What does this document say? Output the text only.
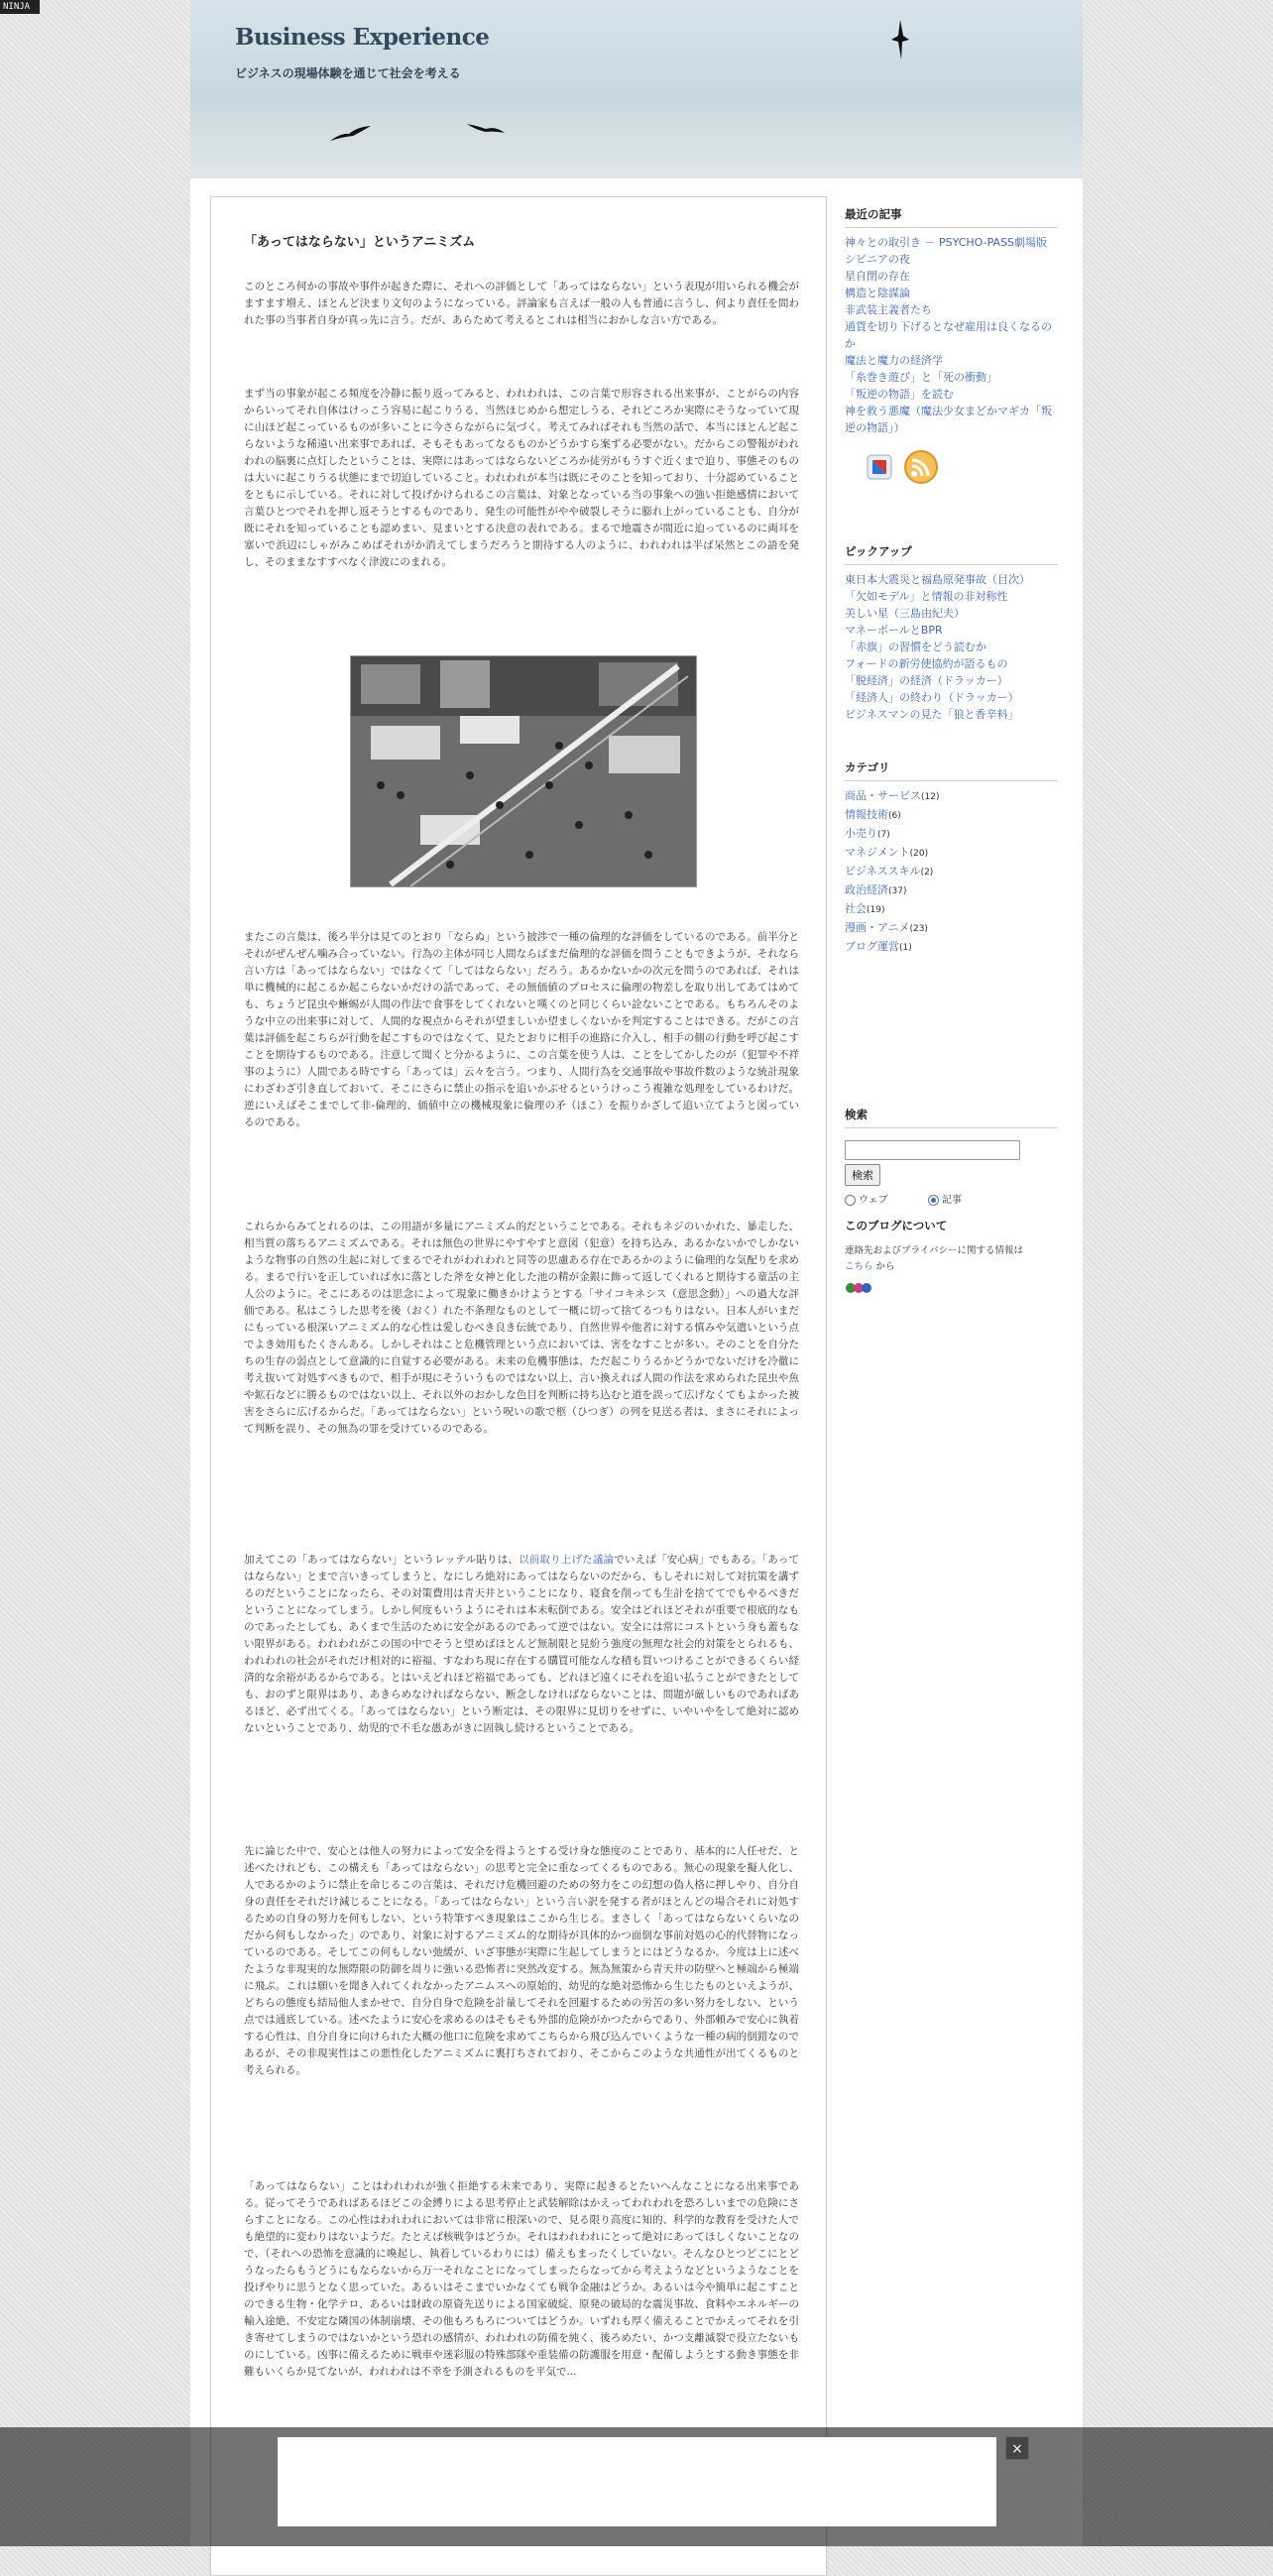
NINJA
Business Experience

ビジネスの現場体験を通じて社会を考える

「あってはならない」というアニミズム

このところ何かの事故や事件が起きた際に、それへの評価として「あってはならない」という表現が用いられる機会がますます増え、ほとんど決まり文句のようになっている。評論家も言えば一般の人も普通に言うし、何より責任を問われた事の当事者自身が真っ先に言う。だが、あらためて考えるとこれは相当におかしな言い方である。

まず当の事象が起こる頻度を冷静に振り返ってみると、われわれは、この言葉で形容される出来事が、ことがらの内容からいってそれ自体はけっこう容易に起こりうる、当然ほじめから想定しうる、それどころか実際にそうなっていて現に山ほど起こっているものが多いことに今さらながらに気づく。考えてみればそれも当然の話で、本当にほとんど起こらないような稀遠い出来事であれば、そもそもあってなるものかどうかすら案ずる必要がない。だからこの警報がわれわれの脳裏に点灯したということは、実際にはあってはならないどころか徒労がもうすぐ近くまで迫り、事態そのものは大いに起こりうる状態にまで切迫していること。われわれが本当は既にそのことを知っており、十分認めていることをともに示している。それに対して投げかけられるこの言葉は、対象となっている当の事象への強い拒絶感情において言葉ひとつでそれを押し返そうとするものであり、発生の可能性がやや破裂しそうに膨れ上がっていることも、自分が既にそれを知っていることも認めまい、見まいとする決意の表れである。まるで地震さが間近に迫っているのに両耳を塞いで浜辺にしゃがみこめばそれがか消えてしまうだろうと期待する人のように、われわれは半ば呆然とこの語を発し、そのままなすすべなく津波にのまれる。

またこの言葉は、後ろ半分は見てのとおり「ならぬ」という披渉で一種の倫理的な評価をしているのである。前半分とそれがぜんぜん噛み合っていない。行為の主体が同じ人間ならばまだ倫理的な評価を問うこともできようが、それなら言い方は「あってはならない」ではなくて「してはならない」だろう。あるかないかの次元を問うのであれば、それは単に機械的に起こるか起こらないかだけの話であって、その無価値のプロセスに倫理の物差しを取り出してあてはめても、ちょうど昆虫や蜥蜴が人間の作法で食事をしてくれないと嘆くのと同じくらい詮ないことである。もちろんそのような中立の出来事に対して、人間的な視点からそれが望ましいか望ましくないかを判定することはできる。だがこの言葉は評価を起こちらが行動を起こすものではなくて、見たとおりに相手の進路に介入し、相手の側の行動を呼び起こすことを期待するものである。注意して聞くと分かるように、この言葉を使う人は、ことをしてかしたのが（犯罪や不祥事のように）人間である時ですら「あっては」云々を言う。つまり、人間行為を交通事故や事故件数のような統計現象にわざわざ引き直しておいて、そこにさらに禁止の指示を追いかぶせるというけっこう複雑な処理をしているわけだ。逆にいえばそこまでして非-倫理的、価値中立の機械現象に倫理の矛（ほこ）を振りかざして追い立てようと図っているのである。

これらからみてとれるのは、この用語が多量にアニミズム的だということである。それもネジのいかれた、暴走した、相当質の落ちるアニミズムである。それは無色の世界にやすやすと意図（犯意）を持ち込み、あるかないかでしかないような物事の自然の生起に対してまるでそれがわれわれと同等の思慮ある存在であるかのように倫理的な気配りを求める。まるで行いを正していれば水に落とした斧を女神と化した池の精が金銀に飾って返してくれると期待する童話の主人公のように。そこにあるのは思念によって現象に働きかけようとする「サイコキネシス（意思念動）」への過大な評価である。私はこうした思考を後（おく）れた不条理なものとして一概に切って捨てるつもりはない。日本人がいまだにもっている根深いアニミズム的な心性は愛しむべき良き伝統であり、自然世界や他者に対する慎みや気遣いという点でよき効用もたくさんある。しかしそれはこと危機管理という点においては、害をなすことが多い。そのことを自分たちの生存の弱点として意識的に自覚する必要がある。未来の危機事態は、ただ起こりうるかどうかでないだけを冷徹に考え抜いて対処すべきもので、相手が現にそういうものではない以上、言い換えれば人間の作法を求められた昆虫や魚や鉱石などに勝るものではない以上、それ以外のおかしな色目を判断に持ち込むと道を誤って広げなくてもよかった被害をさらに広げるからだ。「あってはならない」という呪いの歌で柩（ひつぎ）の列を見送る者は、まさにそれによって判断を誤り、その無為の罪を受けているのである。

加えてこの「あってはならない」というレッテル貼りは、以前取り上げた議論でいえば「安心病」でもある。「あってはならない」とまで言いきってしまうと、なにしろ絶対にあってはならないのだから、もしそれに対して対抗策を講ずるのだということになったら、その対策費用は青天井ということになり、寝食を削っても生計を捨ててでもやるべきだということになってしまう。しかし何度もいうようにそれは本末転倒である。安全はどれほどそれが重要で根底的なものであったとしても、あくまで生活のために安全があるのであって逆ではない。安全には常にコストという身も蓋もない限界がある。われわれがこの国の中でそうと望めばほとんど無制限と見紛う強度の無理な社会的対策をとられるも、われわれの社会がそれだけ相対的に裕福、すなわち現に存在する購買可能なんな積も買いつけることができるくらい経済的な余裕があるからである。とはいえどれほど裕福であっても、どれほど遠くにそれを追い払うことができたとしても、おのずと限界はあり、あきらめなければならない、断念しなければならないことは、問題が厳しいものであればあるほど、必ず出てくる。「あってはならない」という断定は、その限界に見切りをせずに、いやいやをして絶対に認めないということであり、幼児的で不毛な愚あがきに固執し続けるということである。

先に論じた中で、安心とは他人の努力によって安全を得ようとする受け身な態度のことであり、基本的に人任せだ、と述べたけれども、この構えも「あってはならない」の思考と完全に重なってくるものである。無心の現象を擬人化し、人であるかのように禁止を命じるこの言葉は、それだけ危機回避のための努力をこの幻想の偽人格に押しやり、自分自身の責任をそれだけ減じることになる。「あってはならない」という言い訳を発する者がほとんどの場合それに対処するための自身の努力を何もしない、という特筆すべき現象はここから生じる。まさしく「あってはならないくらいなのだから何もしなかった」のであり、対象に対するアニミズム的な期待が具体的かつ面倒な事前対処の心的代替物になっているのである。そしてこの何もしない弛緩が、いざ事態が実際に生起してしまうとにはどうなるか。今度は上に述べたような非現実的な無際限の防御を周りに強いる恐怖者に突然改変する。無為無策から青天井の防壁へと極端から極端に飛ぶ。これは願いを聞き入れてくれなかったアニムスへの原始的、幼児的な絶対恐怖から生じたものといえようが、どちらの態度も結局他人まかせで、自分自身で危険を計量してそれを回避するための労苦の多い努力をしない、という点では通底している。述べたように安心を求めるのはそもそも外部的危険がかつたからであり、外部頼みで安心に執着する心性は、自分自身に向けられた大概の他口に危険を求めてこちらから飛び込んでいくような一種の病的倒錯なのであるが、その非現実性はこの悪性化したアニミズムに裏打ちされており、そこからこのような共通性が出てくるものと考えられる。

「あってはならない」ことはわれわれが強く拒絶する未来であり、実際に起きるとたいへんなことになる出来事である。従ってそうであればあるほどこの金縛りによる思考停止と武装解除はかえってわれわれを恐ろしいまでの危険にさらすことになる。この心性はわれわれにおいては非常に根深いので、見る限り高度に知的、科学的な教育を受けた人でも絶望的に変わりはないようだ。たとえば核戦争はどうか。それはわれわれにとって絶対にあってほしくないことなので、（それへの恐怖を意識的に喚起し、執着しているわりには）備えもまったくしていない。そんなひとつどこにとどうなったらもうどうにもならないから万一それなことになってしまったらなってから考えようなどというようなことを投げやりに思うとなく思っていた。あるいはそこまでいかなくても戦争金融はどうか。あるいは今や簡単に起こすことのできる生物・化学テロ、あるいは財政の原資先送りによる国家破綻、原発の破局的な震災事故、食料やエネルギーの輸入途絶、不安定な隣国の体制崩壊、その他もろもろについてはどうか。いずれも厚く備えることでかえってそれを引き寄せてしまうのではないかという恐れの感情が、われわれの防備を純く、後ろめたい、かつ支離滅裂で役立たないものにしている。凶事に備えるために戦車や迷彩服の特殊部隊や重装備の防護服を用意・配備しようとする動き事態を非難もいくらか見てないが、われわれは不幸を予測されるものを平気で...

最近の記事
神々との取引き － PSYCHO-PASS劇場版
シビニアの夜
星自閉の存在
構造と陰謀論
非武装主義者たち
通貨を切り下げるとなぜ雇用は良くなるのか
魔法と魔力の経済学
「糸巻き遊び」と「死の衝動」
「叛逆の物語」を読む
神を救う悪魔（魔法少女まどかマギカ「叛逆の物語」）
ピックアップ
東日本大震災と福島原発事故（目次）
「欠如モデル」と情報の非対称性
美しい星（三島由紀夫）
マネーボールとBPR
「赤旗」の習慣をどう読むか
フォードの新労使協約が語るもの
「脱経済」の経済（ドラッカー）
「経済人」の終わり（ドラッカー）
ビジネスマンの見た「狼と香辛料」
カテゴリ
商品・サービス(12)
情報技術(6)
小売り(7)
マネジメント(20)
ビジネススキル(2)
政治経済(37)
社会(19)
漫画・アニメ(23)
ブログ運営(1)
検索
検索
ウェブ	記事
このブログについて
連絡先およびプライバシーに関する情報は
こちら から
×
